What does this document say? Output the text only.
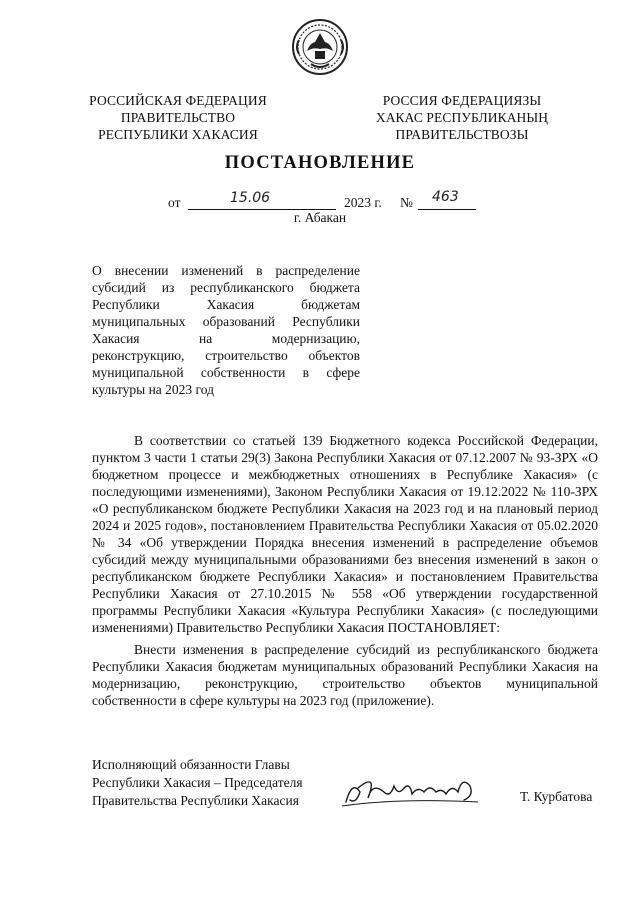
РОССИЙСКАЯ ФЕДЕРАЦИЯ
ПРАВИТЕЛЬСТВО
РЕСПУБЛИКИ ХАКАСИЯ
РОССИЯ ФЕДЕРАЦИЯЗЫ
ХАКАС РЕСПУБЛИКАНЫҢ
ПРАВИТЕЛЬСТВОЗЫ
ПОСТАНОВЛЕНИЕ
от	15.06	2023 г. № 463
г. Абакан
О внесении изменений в распределение
субсидий из республиканского бюджета
Республики Хакасия бюджетам
муниципальных образований Республики
Хакасия на модернизацию,
реконструкцию, строительство объектов
муниципальной собственности в сфере
культуры на 2023 год
В соответствии со статьей 139 Бюджетного кодекса Российской Федерации, пунктом 3 части 1 статьи 29(3) Закона Республики Хакасия от 07.12.2007 № 93-ЗРХ «О бюджетном процессе и межбюджетных отношениях в Республике Хакасия» (с последующими изменениями), Законом Республики Хакасия от 19.12.2022 № 110-ЗРХ «О республиканском бюджете Республики Хакасия на 2023 год и на плановый период 2024 и 2025 годов», постановлением Правительства Республики Хакасия от 05.02.2020 № 34 «Об утверждении Порядка внесения изменений в распределение объемов субсидий между муниципальными образованиями без внесения изменений в закон о республиканском бюджете Республики Хакасия» и постановлением Правительства Республики Хакасия от 27.10.2015 № 558 «Об утверждении государственной программы Республики Хакасия «Культура Республики Хакасия» (с последующими изменениями) Правительство Республики Хакасия ПОСТАНОВЛЯЕТ:
Внести изменения в распределение субсидий из республиканского бюджета Республики Хакасия бюджетам муниципальных образований Республики Хакасия на модернизацию, реконструкцию, строительство объектов муниципальной собственности в сфере культуры на 2023 год (приложение).
Исполняющий обязанности Главы
Республики Хакасия – Председателя
Правительства Республики Хакасия	Т. Курбатова
